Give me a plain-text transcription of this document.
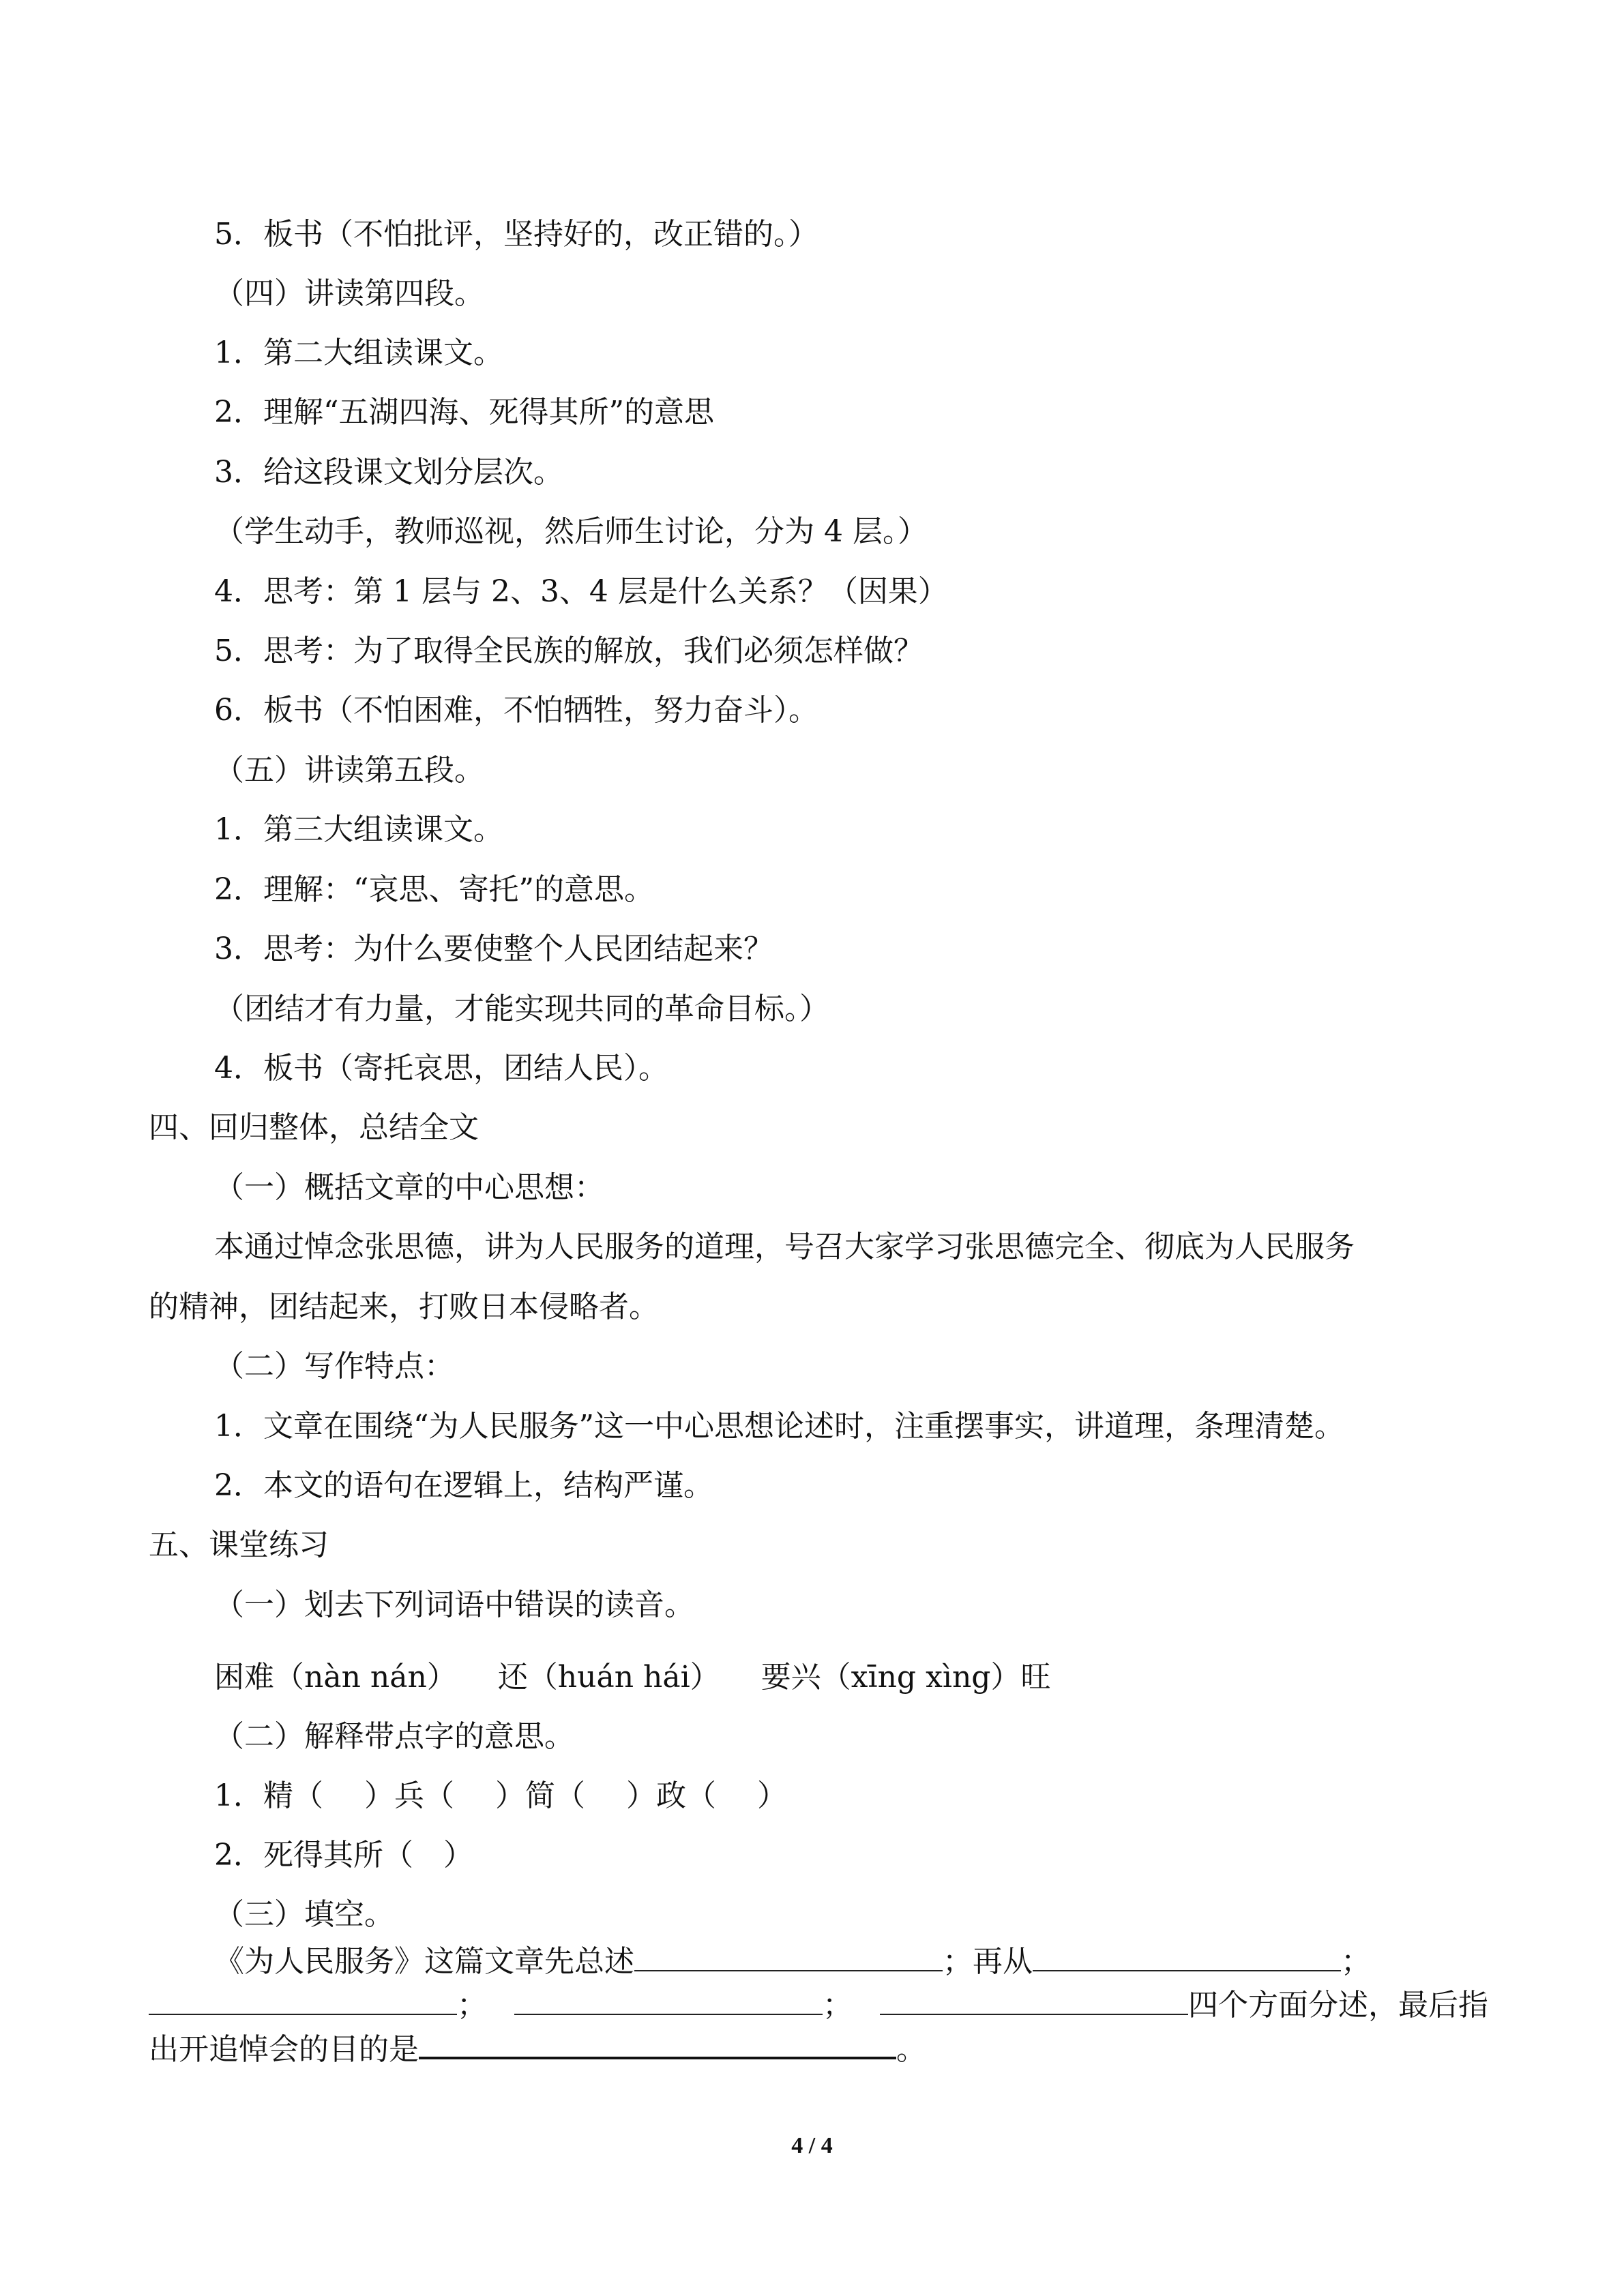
5．板书（不怕批评，坚持好的，改正错的。）
（四）讲读第四段。
1．第二大组读课文。
2．理解“五湖四海、死得其所”的意思
3．给这段课文划分层次。
（学生动手，教师巡视，然后师生讨论，分为 4 层。）
4．思考：第 1 层与 2、3、4 层是什么关系？（因果）
5．思考：为了取得全民族的解放，我们必须怎样做？
6．板书（不怕困难，不怕牺牲，努力奋斗）。
（五）讲读第五段。
1．第三大组读课文。
2．理解：“哀思、寄托”的意思。
3．思考：为什么要使整个人民团结起来？
（团结才有力量，才能实现共同的革命目标。）
4．板书（寄托哀思，团结人民）。
四、回归整体，总结全文
（一）概括文章的中心思想：
本通过悼念张思德，讲为人民服务的道理，号召大家学习张思德完全、彻底为人民服务
的精神，团结起来，打败日本侵略者。
（二）写作特点：
1．文章在围绕“为人民服务”这一中心思想论述时，注重摆事实，讲道理，条理清楚。
2．本文的语句在逻辑上，结构严谨。
五、课堂练习
（一）划去下列词语中错误的读音。
困难（nàn nán） 还（huán hái） 要兴（xīng xìng）旺
（二）解释带点字的意思。
1．精（ ）兵（ ）简（ ）政（ ）
2．死得其所（　）
（三）填空。
《为人民服务》这篇文章先总述	；再从	；
；	；	四个方面分述，最后指
出开追悼会的目的是	。
4 / 4
